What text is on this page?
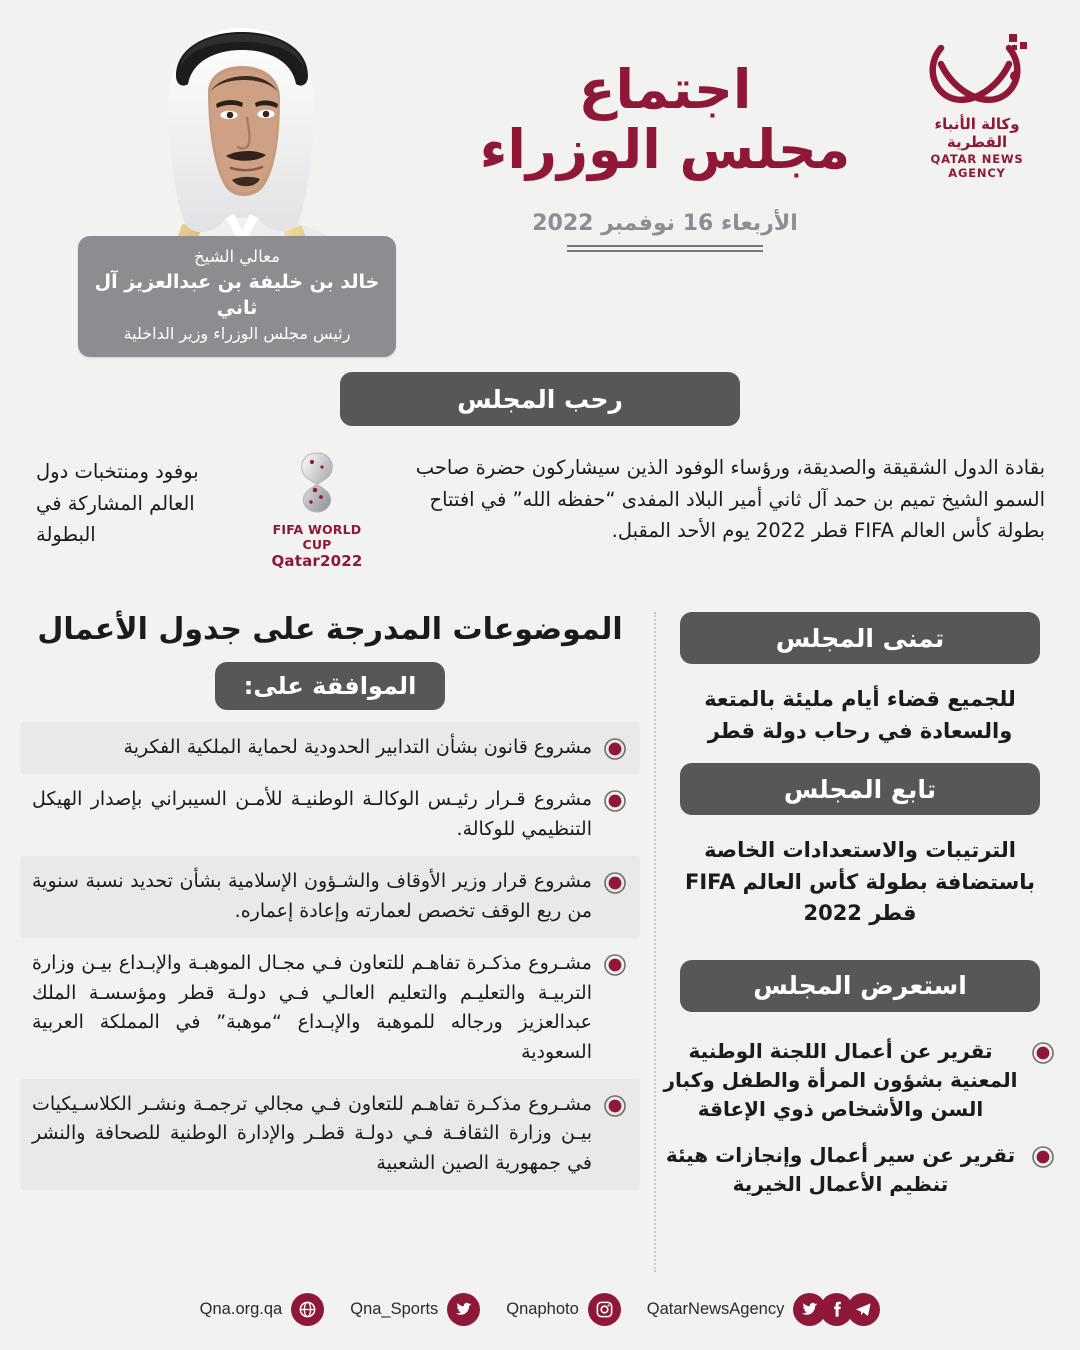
معالي الشيخ
خالد بن خليفة بن عبدالعزيز آل ثاني
رئيس مجلس الوزراء وزير الداخلية
اجتماع
مجلس الوزراء
الأربعاء 16 نوفمبر 2022
وكالة الأنباء القطرية
QATAR NEWS AGENCY
رحب المجلس
بقادة الدول الشقيقة والصديقة، ورؤساء الوفود الذين سيشاركون حضرة صاحب السمو الشيخ تميم بن حمد آل ثاني أمير البلاد المفدى “حفظه الله” في افتتاح بطولة كأس العالم FIFA قطر 2022 يوم الأحد المقبل.
FIFA WORLD CUP
Qatar2022
بوفود ومنتخبات دول العالم المشاركة في البطولة
الموضوعات المدرجة على جدول الأعمال
الموافقة على:
مشروع قانون بشأن التدابير الحدودية لحماية الملكية الفكرية
مشروع قـرار رئيـس الوكالـة الوطنيـة للأمـن السيبراني بإصدار الهيكل التنظيمي للوكالة.
مشروع قرار وزير الأوقاف والشـؤون الإسلامية بشأن تحديد نسبة سنوية من ريع الوقف تخصص لعمارته وإعادة إعماره.
مشـروع مذكـرة تفاهـم للتعاون فـي مجـال الموهبـة والإبـداع بيـن وزارة التربيـة والتعليـم والتعليم العالـي فـي دولـة قطر ومؤسسـة الملك عبدالعزيز ورجاله للموهبة والإبـداع “موهبة” في المملكة العربية السعودية
مشـروع مذكـرة تفاهـم للتعاون فـي مجالي ترجمـة ونشـر الكلاسـيكيات بيـن وزارة الثقافـة فـي دولـة قطـر والإدارة الوطنية للصحافة والنشر في جمهورية الصين الشعبية
تمنى المجلس
للجميع قضاء أيام مليئة بالمتعة والسعادة في رحاب دولة قطر
تابع المجلس
الترتيبات والاستعدادات الخاصة باستضافة بطولة كأس العالم FIFA قطر 2022
استعرض المجلس
تقرير عن أعمال اللجنة الوطنية المعنية بشؤون المرأة والطفل وكبار السن والأشخاص ذوي الإعاقة
تقرير عن سير أعمال وإنجازات هيئة تنظيم الأعمال الخيرية
QatarNewsAgency
Qnaphoto
Qna_Sports
Qna.org.qa
